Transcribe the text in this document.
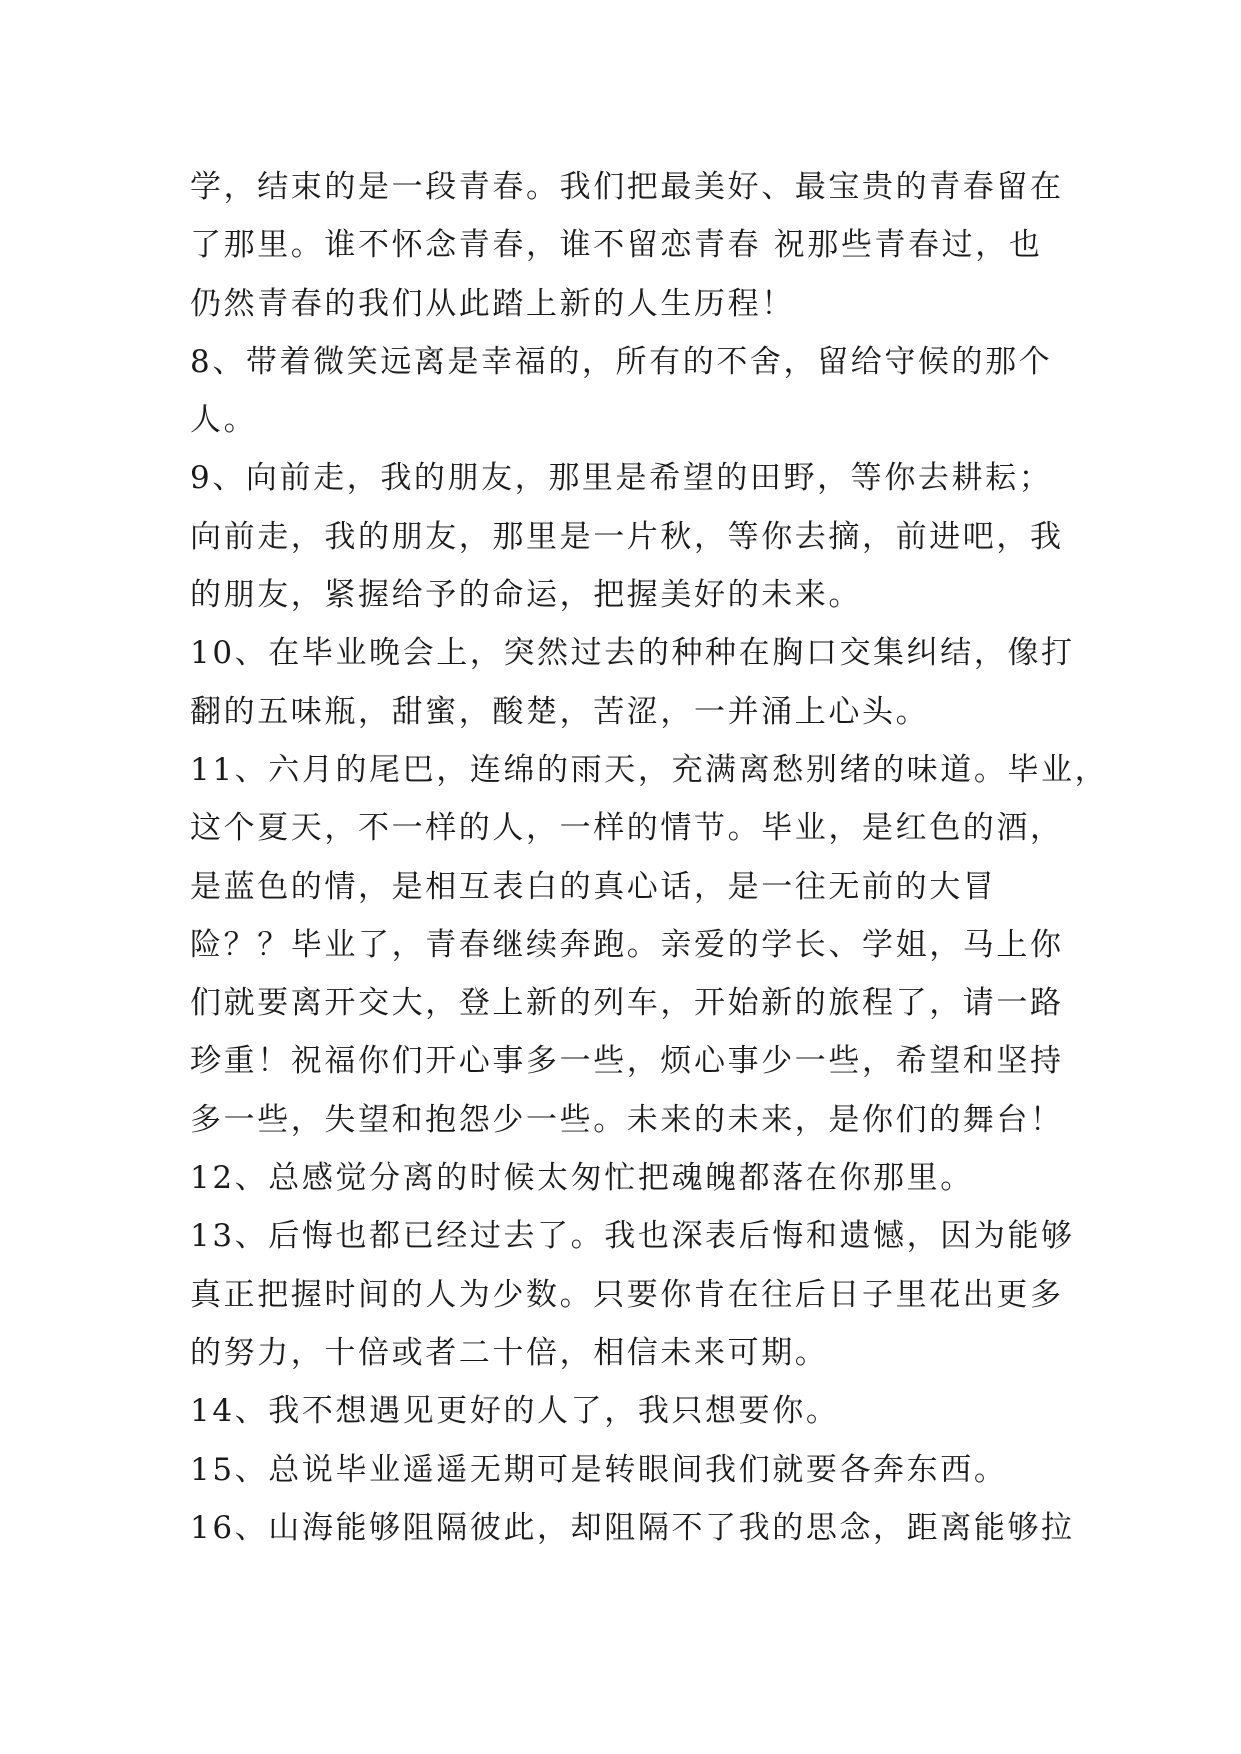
学，结束的是一段青春。我们把最美好、最宝贵的青春留在
了那里。谁不怀念青春，谁不留恋青春 祝那些青春过，也
仍然青春的我们从此踏上新的人生历程！
8、带着微笑远离是幸福的，所有的不舍，留给守候的那个
人。
9、向前走，我的朋友，那里是希望的田野，等你去耕耘；
向前走，我的朋友，那里是一片秋，等你去摘，前进吧，我
的朋友，紧握给予的命运，把握美好的未来。
10、在毕业晚会上，突然过去的种种在胸口交集纠结，像打
翻的五味瓶，甜蜜，酸楚，苦涩，一并涌上心头。
11、六月的尾巴，连绵的雨天，充满离愁别绪的味道。毕业，
这个夏天，不一样的人，一样的情节。毕业，是红色的酒，
是蓝色的情，是相互表白的真心话，是一往无前的大冒
险？？毕业了，青春继续奔跑。亲爱的学长、学姐，马上你
们就要离开交大，登上新的列车，开始新的旅程了，请一路
珍重！祝福你们开心事多一些，烦心事少一些，希望和坚持
多一些，失望和抱怨少一些。未来的未来，是你们的舞台！
12、总感觉分离的时候太匆忙把魂魄都落在你那里。
13、后悔也都已经过去了。我也深表后悔和遗憾，因为能够
真正把握时间的人为少数。只要你肯在往后日子里花出更多
的努力，十倍或者二十倍，相信未来可期。
14、我不想遇见更好的人了，我只想要你。
15、总说毕业遥遥无期可是转眼间我们就要各奔东西。
16、山海能够阻隔彼此，却阻隔不了我的思念，距离能够拉
